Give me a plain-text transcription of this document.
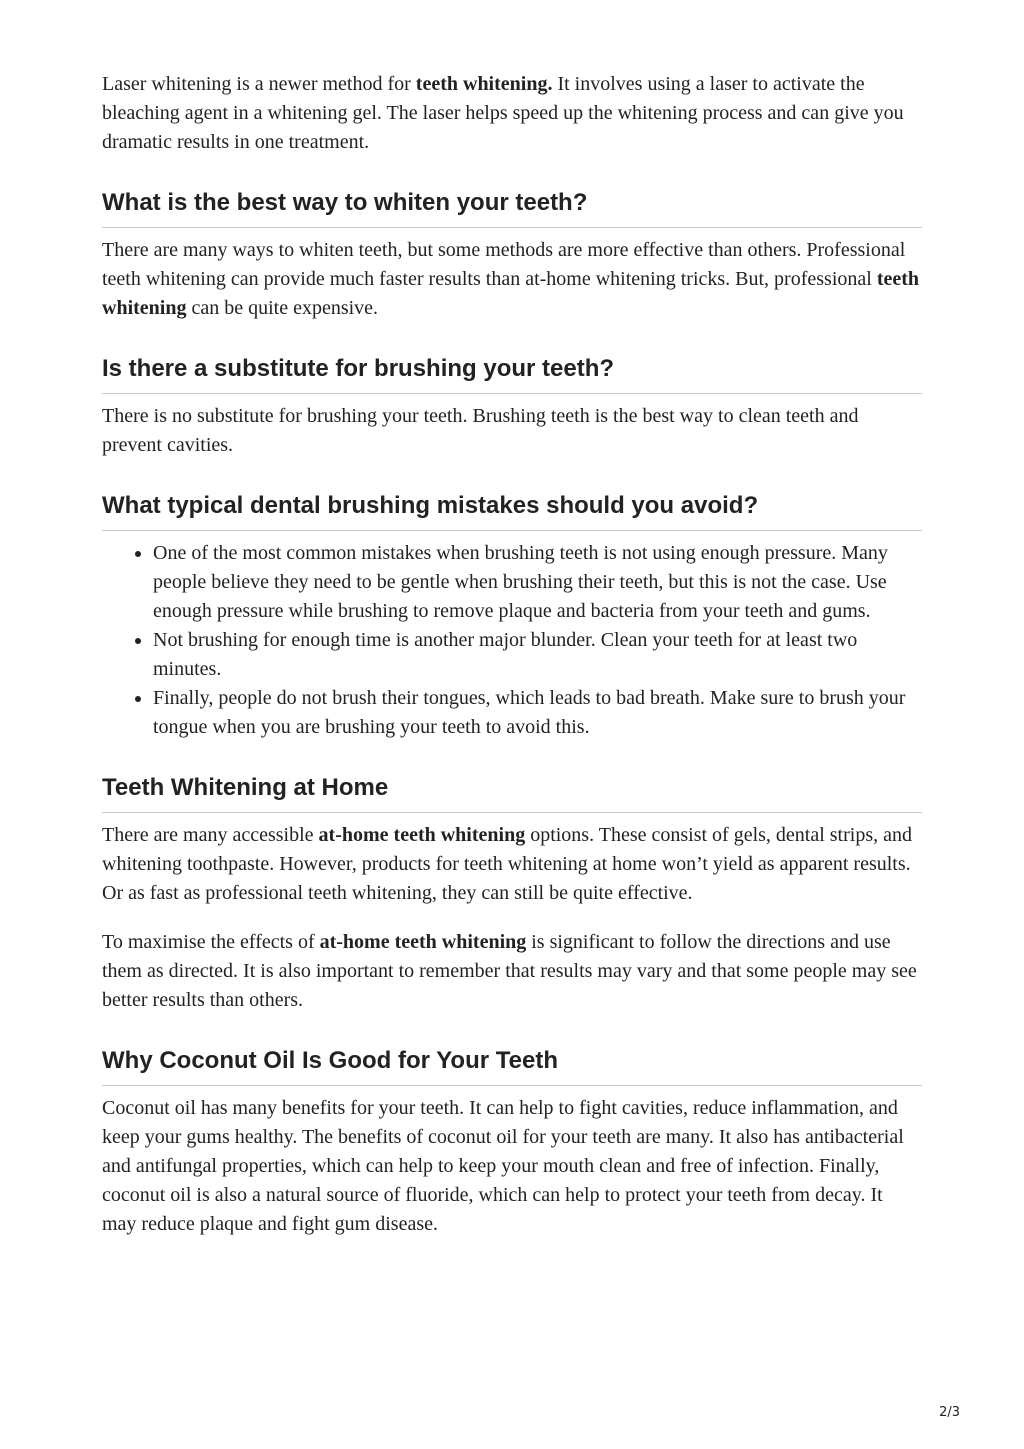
Laser whitening is a newer method for teeth whitening. It involves using a laser to activate the bleaching agent in a whitening gel. The laser helps speed up the whitening process and can give you dramatic results in one treatment.

What is the best way to whiten your teeth?

There are many ways to whiten teeth, but some methods are more effective than others. Professional teeth whitening can provide much faster results than at-home whitening tricks. But, professional teeth whitening can be quite expensive.

Is there a substitute for brushing your teeth?

There is no substitute for brushing your teeth. Brushing teeth is the best way to clean teeth and prevent cavities.

What typical dental brushing mistakes should you avoid?
• One of the most common mistakes when brushing teeth is not using enough pressure. Many people believe they need to be gentle when brushing their teeth, but this is not the case. Use enough pressure while brushing to remove plaque and bacteria from your teeth and gums.
• Not brushing for enough time is another major blunder. Clean your teeth for at least two minutes.
• Finally, people do not brush their tongues, which leads to bad breath. Make sure to brush your tongue when you are brushing your teeth to avoid this.
Teeth Whitening at Home

There are many accessible at-home teeth whitening options. These consist of gels, dental strips, and whitening toothpaste. However, products for teeth whitening at home won’t yield as apparent results. Or as fast as professional teeth whitening, they can still be quite effective.

To maximise the effects of at-home teeth whitening is significant to follow the directions and use them as directed. It is also important to remember that results may vary and that some people may see better results than others.

Why Coconut Oil Is Good for Your Teeth

Coconut oil has many benefits for your teeth. It can help to fight cavities, reduce inflammation, and keep your gums healthy. The benefits of coconut oil for your teeth are many. It also has antibacterial and antifungal properties, which can help to keep your mouth clean and free of infection. Finally, coconut oil is also a natural source of fluoride, which can help to protect your teeth from decay. It may reduce plaque and fight gum disease.

2/3
